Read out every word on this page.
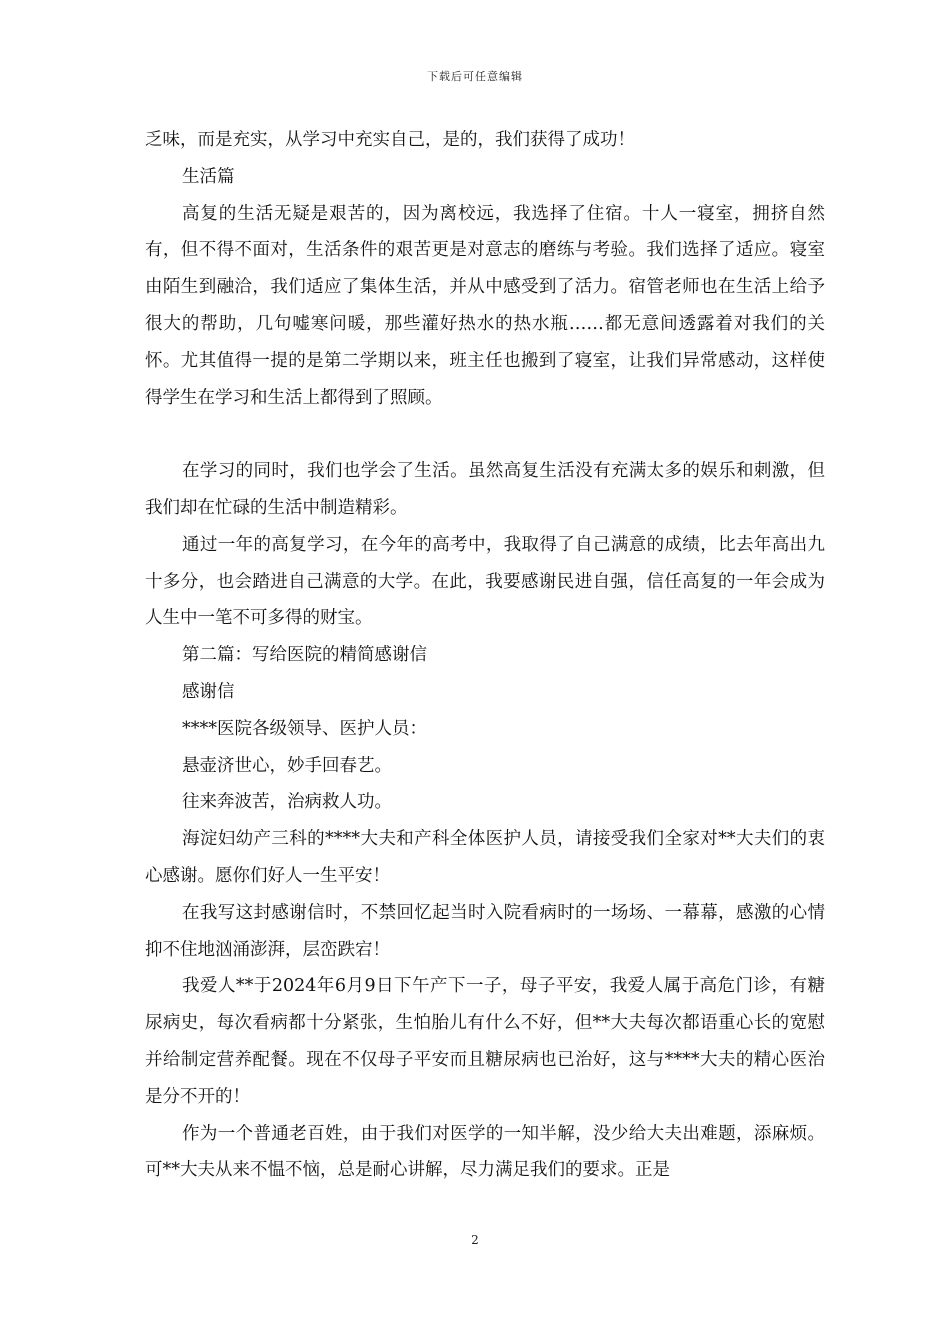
下载后可任意编辑

乏味，而是充实，从学习中充实自己，是的，我们获得了成功！

生活篇

高复的生活无疑是艰苦的，因为离校远，我选择了住宿。十人一寝室，拥挤自然有，但不得不面对，生活条件的艰苦更是对意志的磨练与考验。我们选择了适应。寝室由陌生到融洽，我们适应了集体生活，并从中感受到了活力。宿管老师也在生活上给予很大的帮助，几句嘘寒问暖，那些灌好热水的热水瓶……都无意间透露着对我们的关怀。尤其值得一提的是第二学期以来，班主任也搬到了寝室，让我们异常感动，这样使得学生在学习和生活上都得到了照顾。

在学习的同时，我们也学会了生活。虽然高复生活没有充满太多的娱乐和刺激，但我们却在忙碌的生活中制造精彩。

通过一年的高复学习，在今年的高考中，我取得了自己满意的成绩，比去年高出九十多分，也会踏进自己满意的大学。在此，我要感谢民进自强，信任高复的一年会成为人生中一笔不可多得的财宝。

第二篇：写给医院的精简感谢信

感谢信

****医院各级领导、医护人员：

悬壶济世心，妙手回春艺。

往来奔波苦，治病救人功。

海淀妇幼产三科的****大夫和产科全体医护人员，请接受我们全家对**大夫们的衷心感谢。愿你们好人一生平安！

在我写这封感谢信时，不禁回忆起当时入院看病时的一场场、一幕幕，感激的心情抑不住地汹涌澎湃，层峦跌宕！

我爱人**于2024年6月9日下午产下一子，母子平安，我爱人属于高危门诊，有糖尿病史，每次看病都十分紧张，生怕胎儿有什么不好，但**大夫每次都语重心长的宽慰并给制定营养配餐。现在不仅母子平安而且糖尿病也已治好，这与****大夫的精心医治是分不开的！

作为一个普通老百姓，由于我们对医学的一知半解，没少给大夫出难题，添麻烦。可**大夫从来不愠不恼，总是耐心讲解，尽力满足我们的要求。正是

2
